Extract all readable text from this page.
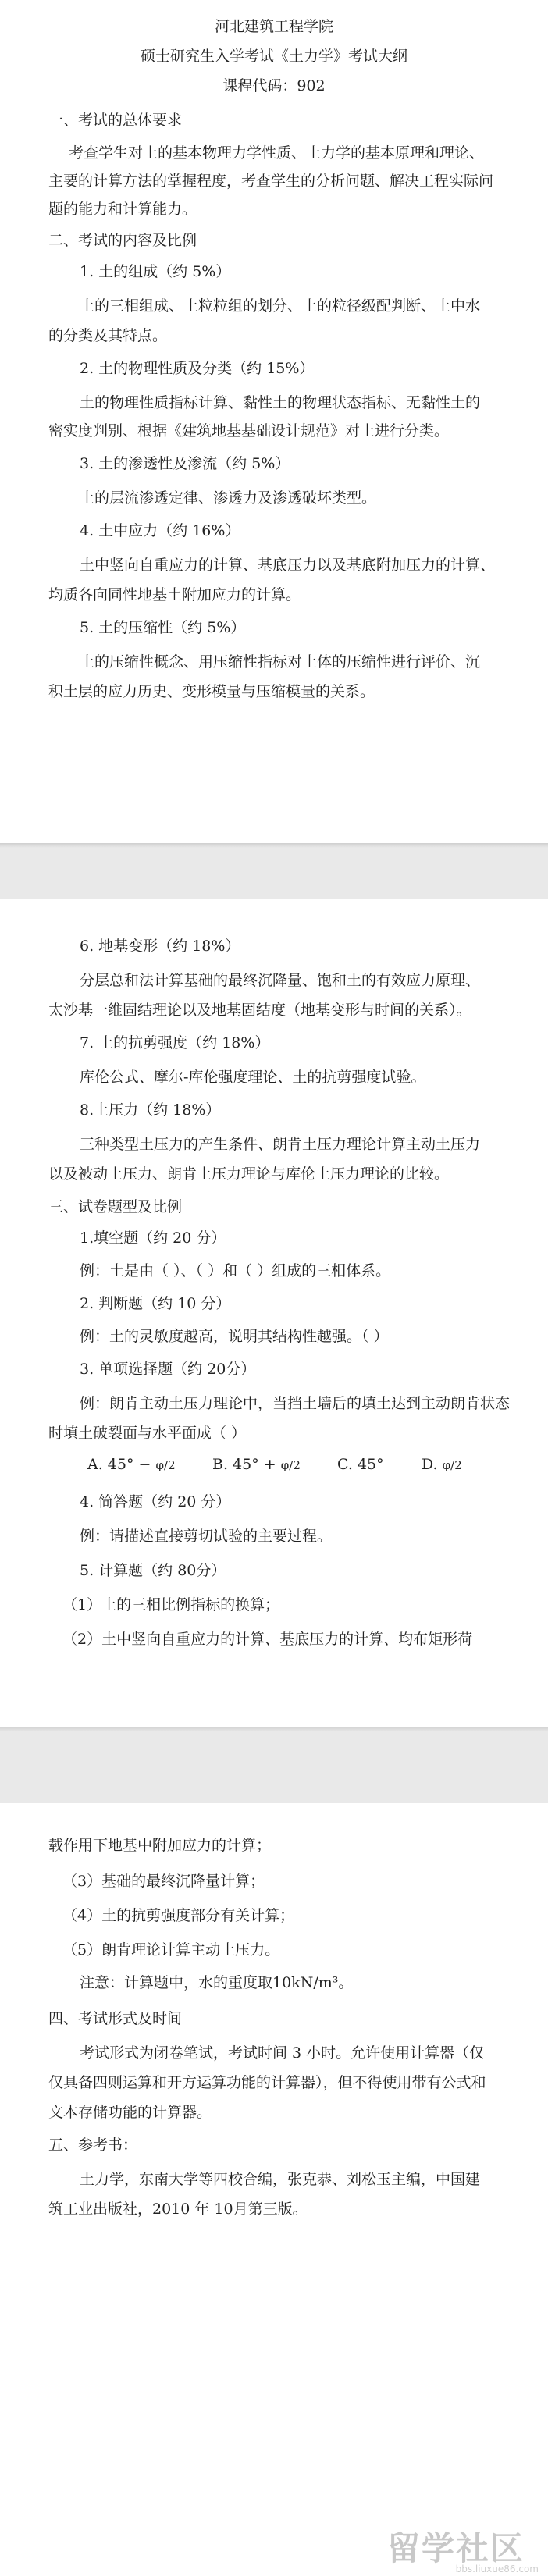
河北建筑工程学院
硕士研究生入学考试《土力学》考试大纲
课程代码：902
一、考试的总体要求
考查学生对土的基本物理力学性质、土力学的基本原理和理论、
主要的计算方法的掌握程度，考查学生的分析问题、解决工程实际问
题的能力和计算能力。
二、考试的内容及比例
1. 土的组成（约 5%）
土的三相组成、土粒粒组的划分、土的粒径级配判断、土中水
的分类及其特点。
2. 土的物理性质及分类（约 15%）
土的物理性质指标计算、黏性土的物理状态指标、无黏性土的
密实度判别、根据《建筑地基基础设计规范》对土进行分类。
3. 土的渗透性及渗流（约 5%）
土的层流渗透定律、渗透力及渗透破坏类型。
4. 土中应力（约 16%）
土中竖向自重应力的计算、基底压力以及基底附加压力的计算、
均质各向同性地基土附加应力的计算。
5. 土的压缩性（约 5%）
土的压缩性概念、用压缩性指标对土体的压缩性进行评价、沉
积土层的应力历史、变形模量与压缩模量的关系。
6. 地基变形（约 18%）
分层总和法计算基础的最终沉降量、饱和土的有效应力原理、
太沙基一维固结理论以及地基固结度（地基变形与时间的关系）。
7. 土的抗剪强度（约 18%）
库伦公式、摩尔-库伦强度理论、土的抗剪强度试验。
8.土压力（约 18%）
三种类型土压力的产生条件、朗肯土压力理论计算主动土压力
以及被动土压力、朗肯土压力理论与库伦土压力理论的比较。
三、试卷题型及比例
1.填空题（约 20 分）
例：土是由（ ）、（ ）和（ ）组成的三相体系。
2. 判断题（约 10 分）
例：土的灵敏度越高，说明其结构性越强。（ ）
3. 单项选择题（约 20分）
例：朗肯主动土压力理论中，当挡土墙后的填土达到主动朗肯状态
时填土破裂面与水平面成（ ）
A. 45° − φ/2 B. 45° + φ/2 C. 45°	D. φ/2
4. 简答题（约 20 分）
例：请描述直接剪切试验的主要过程。
5. 计算题（约 80分）
（1）土的三相比例指标的换算；
（2）土中竖向自重应力的计算、基底压力的计算、均布矩形荷
载作用下地基中附加应力的计算；
（3）基础的最终沉降量计算；
（4）土的抗剪强度部分有关计算；
（5）朗肯理论计算主动土压力。
注意：计算题中，水的重度取10kN/m³。
四、考试形式及时间
考试形式为闭卷笔试，考试时间 3 小时。允许使用计算器（仅
仅具备四则运算和开方运算功能的计算器），但不得使用带有公式和
文本存储功能的计算器。
五、参考书：
土力学，东南大学等四校合编，张克恭、刘松玉主编，中国建
筑工业出版社，2010 年 10月第三版。
留学社区
bbs.liuxue86.com
